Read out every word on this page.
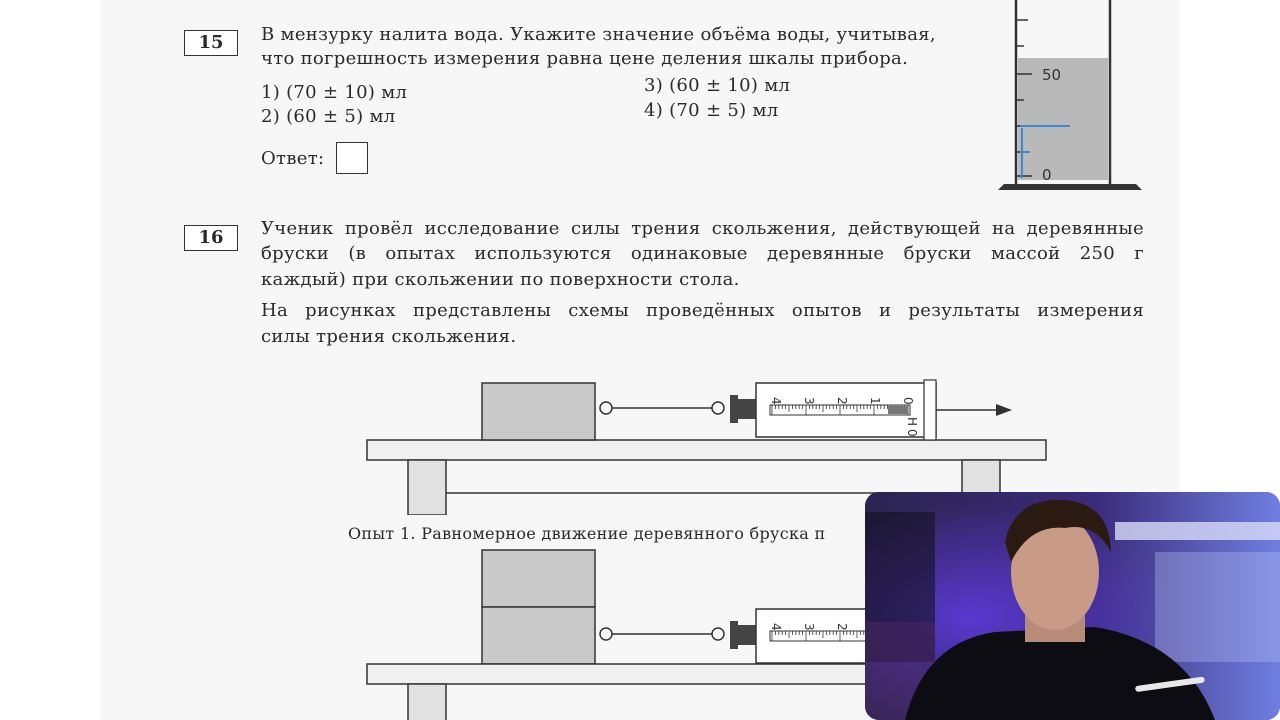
15	В мензурку налита вода. Укажите значение объёма воды, учитывая,
что погрешность измерения равна цене деления шкалы прибора.
1) (70 ± 10) мл
2) (60 ± 5) мл
3) (60 ± 10) мл
4) (70 ± 5) мл
Ответ:
50
0
16	Ученик провёл исследование силы трения скольжения, действующей на деревянные
бруски (в опытах используются одинаковые деревянные бруски массой 250 г
каждый) при скольжении по поверхности стола.
На рисунках представлены схемы проведённых опытов и результаты измерения
силы трения скольжения.
0
1
2
3
4
Н
0
Опыт 1. Равномерное движение деревянного бруска п
4 3 2
